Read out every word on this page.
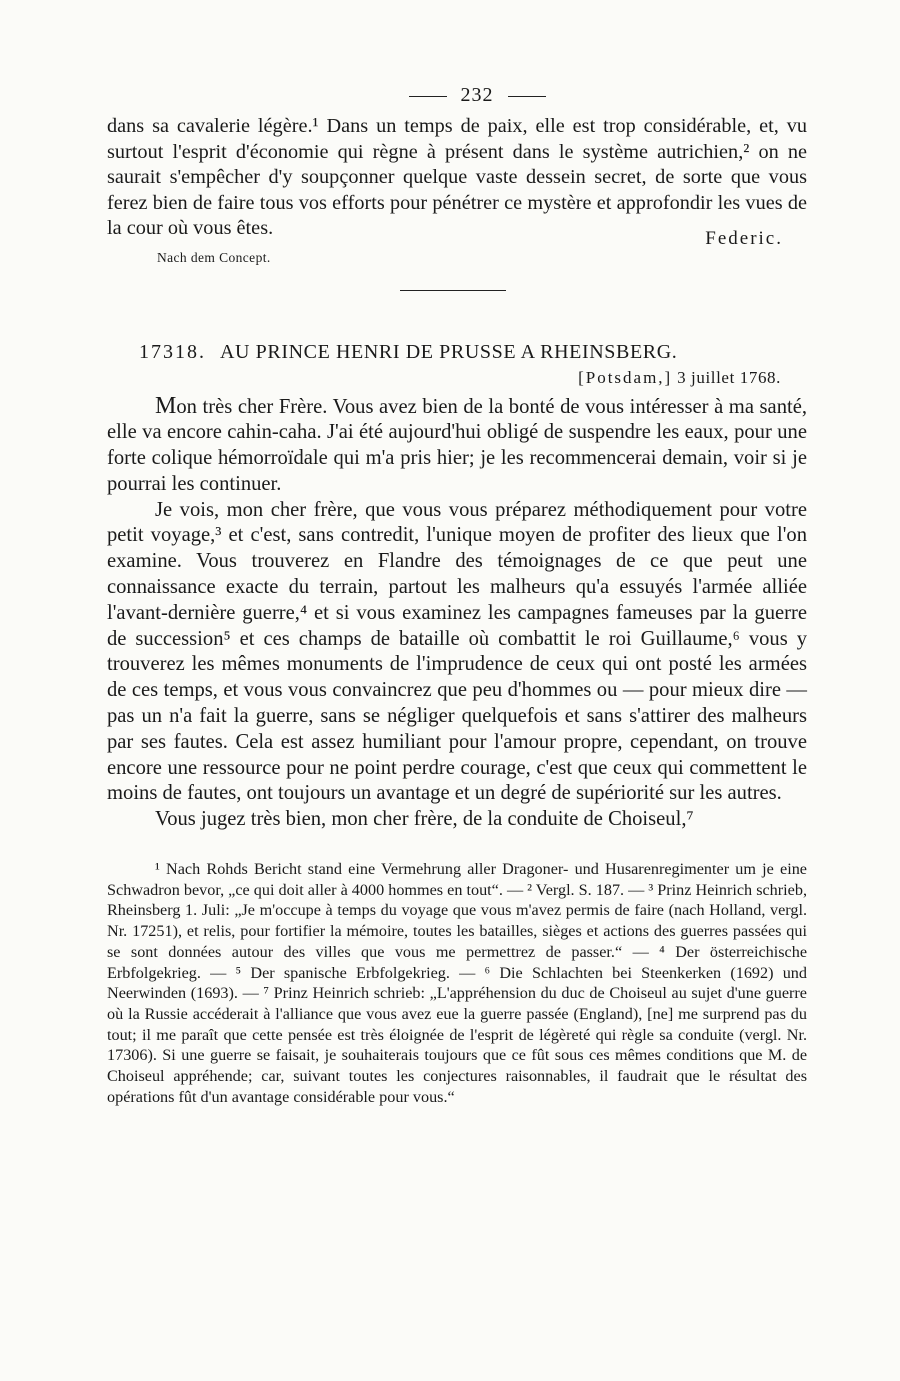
232

dans sa cavalerie légère.¹ Dans un temps de paix, elle est trop considérable, et, vu surtout l'esprit d'économie qui règne à présent dans le système autrichien,² on ne saurait s'empêcher d'y soupçonner quelque vaste dessein secret, de sorte que vous ferez bien de faire tous vos efforts pour pénétrer ce mystère et approfondir les vues de la cour où vous êtes.

Nach dem Concept.
Federic.
17318. AU PRINCE HENRI DE PRUSSE A RHEINSBERG.
[Potsdam,] 3 juillet 1768.

Mon très cher Frère. Vous avez bien de la bonté de vous intéresser à ma santé, elle va encore cahin-caha. J'ai été aujourd'hui obligé de suspendre les eaux, pour une forte colique hémorroïdale qui m'a pris hier; je les recommencerai demain, voir si je pourrai les continuer.

Je vois, mon cher frère, que vous vous préparez méthodiquement pour votre petit voyage,³ et c'est, sans contredit, l'unique moyen de profiter des lieux que l'on examine. Vous trouverez en Flandre des témoignages de ce que peut une connaissance exacte du terrain, partout les malheurs qu'a essuyés l'armée alliée l'avant-dernière guerre,⁴ et si vous examinez les campagnes fameuses par la guerre de succession⁵ et ces champs de bataille où combattit le roi Guillaume,⁶ vous y trouverez les mêmes monuments de l'imprudence de ceux qui ont posté les armées de ces temps, et vous vous convaincrez que peu d'hommes ou — pour mieux dire — pas un n'a fait la guerre, sans se négliger quelquefois et sans s'attirer des malheurs par ses fautes. Cela est assez humiliant pour l'amour propre, cependant, on trouve encore une ressource pour ne point perdre courage, c'est que ceux qui commettent le moins de fautes, ont toujours un avantage et un degré de supériorité sur les autres.

Vous jugez très bien, mon cher frère, de la conduite de Choiseul,⁷

¹ Nach Rohds Bericht stand eine Vermehrung aller Dragoner- und Husarenregimenter um je eine Schwadron bevor, „ce qui doit aller à 4000 hommes en tout“. — ² Vergl. S. 187. — ³ Prinz Heinrich schrieb, Rheinsberg 1. Juli: „Je m'occupe à temps du voyage que vous m'avez permis de faire (nach Holland, vergl. Nr. 17251), et relis, pour fortifier la mémoire, toutes les batailles, sièges et actions des guerres passées qui se sont données autour des villes que vous me permettrez de passer.“ — ⁴ Der österreichische Erbfolgekrieg. — ⁵ Der spanische Erbfolgekrieg. — ⁶ Die Schlachten bei Steenkerken (1692) und Neerwinden (1693). — ⁷ Prinz Heinrich schrieb: „L'appréhension du duc de Choiseul au sujet d'une guerre où la Russie accéderait à l'alliance que vous avez eue la guerre passée (England), [ne] me surprend pas du tout; il me paraît que cette pensée est très éloignée de l'esprit de légèreté qui règle sa conduite (vergl. Nr. 17306). Si une guerre se faisait, je souhaiterais toujours que ce fût sous ces mêmes conditions que M. de Choiseul appréhende; car, suivant toutes les conjectures raisonnables, il faudrait que le résultat des opérations fût d'un avantage considérable pour vous.“
